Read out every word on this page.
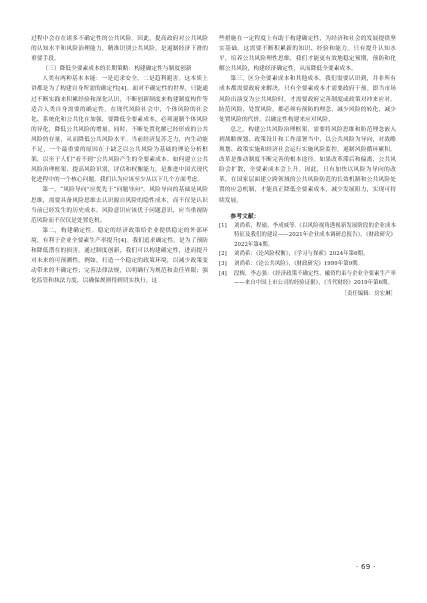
过程中会存在诸多不确定性的公共风险。因此，提高政府对公共风险的认知水平和风险治理能力，精准识别公共风险，是遏制经济下滑的重要手段。

（三）降低全要素成本的长期策略：构建确定性与制度创新

人类有两种基本本能：一是追求安全，二是趋利避害。这本质上讲都是为了构建自身所需的确定性[4]。面对不确定性的世界，只能通过不断实践来积累经验和深化认识，不断创新制度来构建制度构件等适合人类自身需要的确定性。在现代风险社会中，个体风险的社会化、系统化和公共化在加强，要降低全要素成本，必须遏制个体风险的异化，降低公共风险的增量。同时，不断处置化解已经形成的公共风险的存量，从而降低公共风险水平。当前经济复苏乏力，内生动能不足，一个最重要的原因在于缺乏以公共风险为基础的理论分析框架，以至于人们“看不到”公共风险产生的全要素成本。如何建立公共风险治理框架，提高风险识别、评估和权衡能力，是推进中国式现代化进程中的一个核心问题。我们认为应该至少从以下几个方面考虑。

第一，“风险导向”应优先于“问题导向”。风险导向的基础是风险思维，需要具备风险思维去认识源自风险的隐性成本，而不仅是认识当前已经发生的历史成本。风险意识应该优于问题意识，应当重视防范风险而不仅仅是处置危机。

第二，构建确定性。稳定的经济政策给企业提供稳定的外部环境，有利于企业全要素生产率提升[4]。我们追求确定性，是为了预防和降低潜在的损害。通过制度创新，我们可以构建确定性，进而提升对未来的可预测性。例如，打造一个稳定的政策环境，以减少政策变动带来的不确定性；完善法律法规，以明确行为规范和责任界限；强化监管和执法力度，以确保规则得到切实执行。这

些措施在一定程度上有助于构建确定性，为经济和社会的发展提供坚实基础。这需要不断积累新的知识、经验和能力。只有提升认知水平，培养公共风险理性思维，我们才能更有效地稳定预期，预防和化解公共风险，构建经济确定性，从而降低全要素成本。

第三，区分全要素成本和其他成本。我们需要认识到，并非所有成本都需要政府来解决，只有全要素成本才需要政府干预。即当市场风险出演变为公共风险时，才需要政府完善制度或政策对冲来应对。防范风险、处置风险，都必须有预防的理念，减少风险的转化，减少处置风险的代价，以确定性构建来应对风险。

总之，构建公共风险治理框架，需要将风险思维和防范理念嵌入到战略规划、政策设计和工作部署当中，以公共风险为导向，对战略规划、政策实施和经济社会运行实施风险监控，遏制风险循环累积。改革是推动制度不断完善的根本途径。如果改革滞后和偏离，公共风险会扩散，全要素成本会上升。因此，只有加快以风险为导向的改革，在国家层面建立跨领域的公共风险防范的长效机制和公共风险处置的应急机制，才能真正降低全要素成本，减少发展阻力，实现可持续发展。

参考文献：

[1]	刘尚希，程瑜，李成威等.《以风险视角透视新发展阶段的企业成本特征及我们的建议——2021年企业成本调研总报告》，《财政研究》2022年第4期。
[2]	刘尚希：《论风险权衡》，《学习与探索》2024年第6期。
[3]	刘尚希：《论公共风险》，《财政研究》1999年第9期。
[4]	段梅，李志强：《经济政策不确定性、融资约束与企业全要素生产率——来自中国上市公司的经验证据》，《当代财经》2019年第6期。

［责任编辑：房宏琳］

· 69 ·
